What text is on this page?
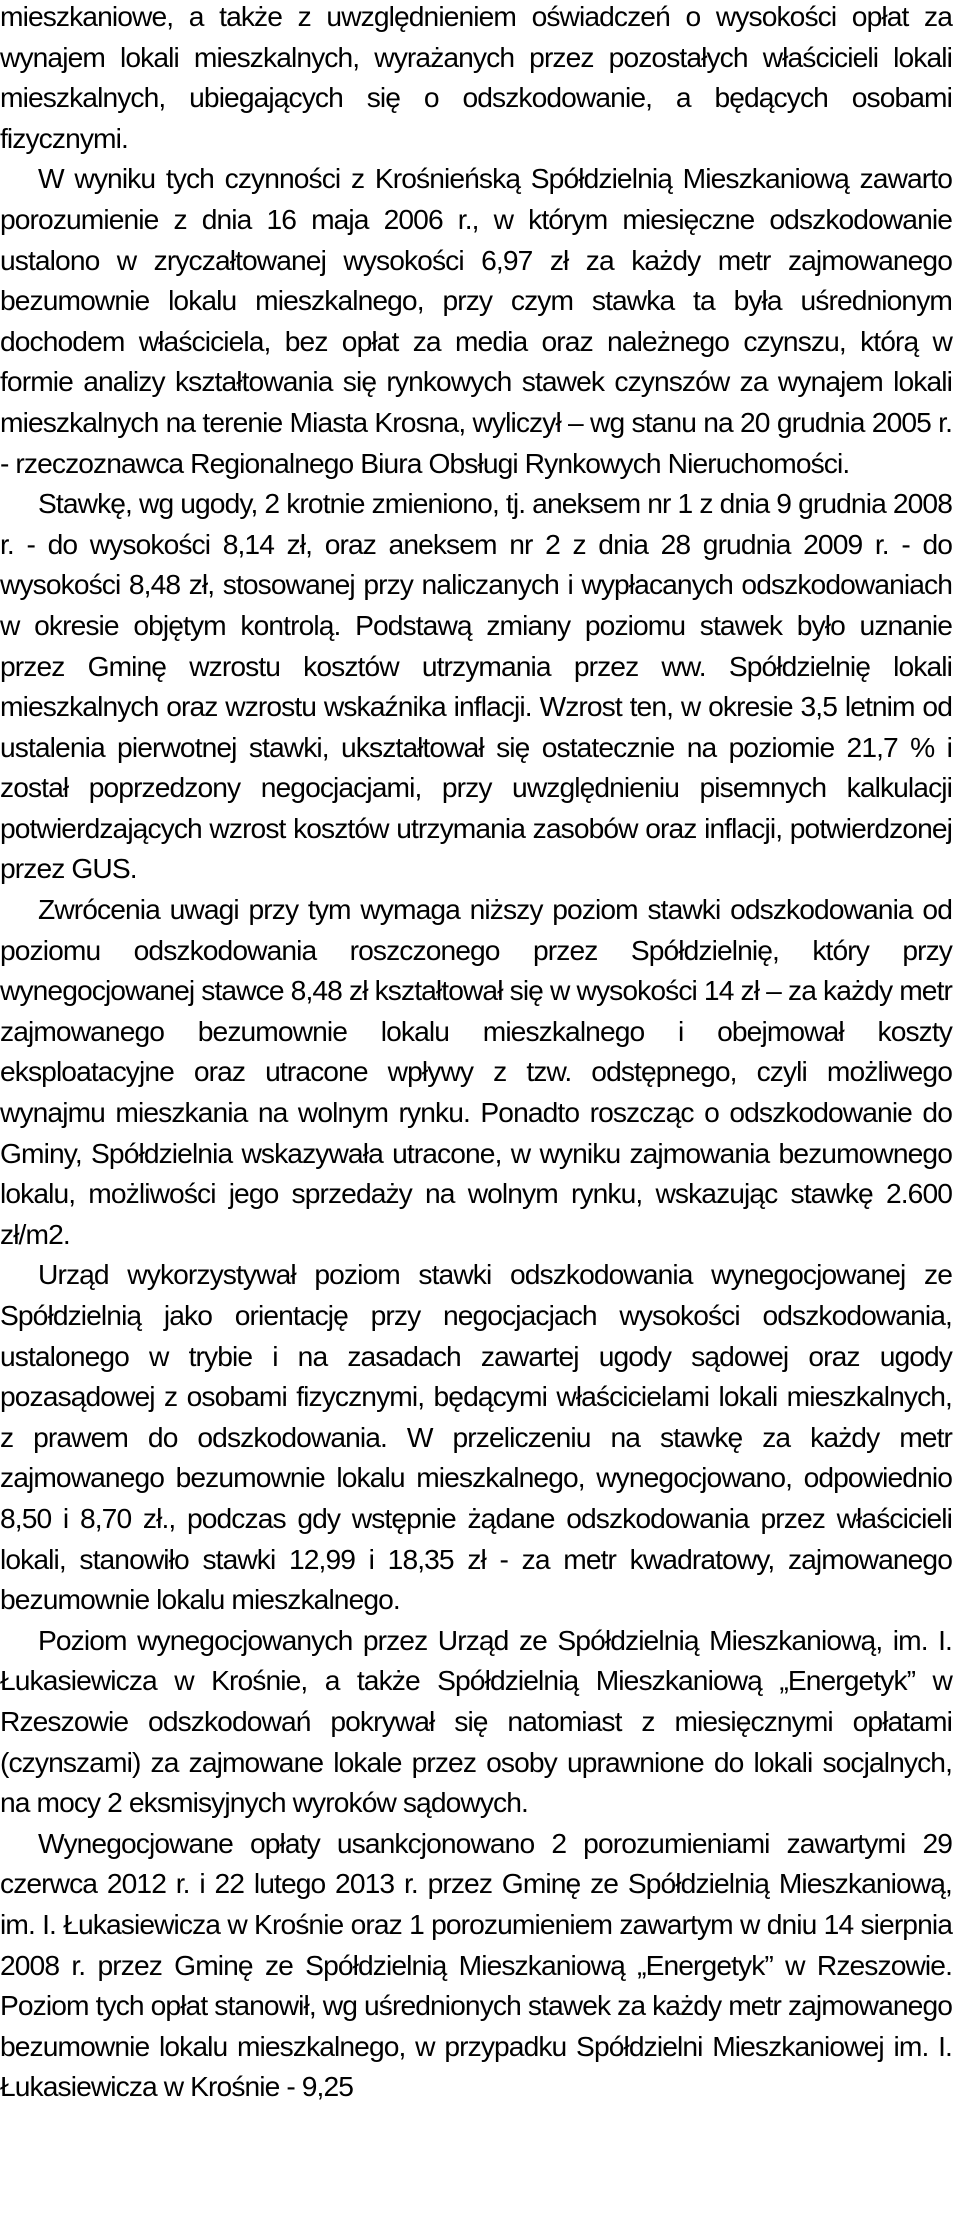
mieszkaniowe, a także z uwzględnieniem oświadczeń o wysokości opłat za wynajem lokali mieszkalnych, wyrażanych przez pozostałych właścicieli lokali mieszkalnych, ubiegających się o odszkodowanie, a będących osobami fizycznymi.

W wyniku tych czynności z Krośnieńską Spółdzielnią Mieszkaniową zawarto porozumienie z dnia 16 maja 2006 r., w którym miesięczne odszkodowanie ustalono w zryczałtowanej wysokości 6,97 zł za każdy metr zajmowanego bezumownie lokalu mieszkalnego, przy czym stawka ta była uśrednionym dochodem właściciela, bez opłat za media oraz należnego czynszu, którą w formie analizy kształtowania się rynkowych stawek czynszów za wynajem lokali mieszkalnych na terenie Miasta Krosna, wyliczył – wg stanu na 20 grudnia 2005 r. - rzeczoznawca Regionalnego Biura Obsługi Rynkowych Nieruchomości.

Stawkę, wg ugody, 2 krotnie zmieniono, tj. aneksem nr 1 z dnia 9 grudnia 2008 r. - do wysokości 8,14 zł, oraz aneksem nr 2 z dnia 28 grudnia 2009 r. - do wysokości 8,48 zł, stosowanej przy naliczanych i wypłacanych odszkodowaniach w okresie objętym kontrolą. Podstawą zmiany poziomu stawek było uznanie przez Gminę wzrostu kosztów utrzymania przez ww. Spółdzielnię lokali mieszkalnych oraz wzrostu wskaźnika inflacji. Wzrost ten, w okresie 3,5 letnim od ustalenia pierwotnej stawki, ukształtował się ostatecznie na poziomie 21,7 % i został poprzedzony negocjacjami, przy uwzględnieniu pisemnych kalkulacji potwierdzających wzrost kosztów utrzymania zasobów oraz inflacji, potwierdzonej przez GUS.

Zwrócenia uwagi przy tym wymaga niższy poziom stawki odszkodowania od poziomu odszkodowania roszczonego przez Spółdzielnię, który przy wynegocjowanej stawce 8,48 zł kształtował się w wysokości 14 zł – za każdy metr zajmowanego bezumownie lokalu mieszkalnego i obejmował koszty eksploatacyjne oraz utracone wpływy z tzw. odstępnego, czyli możliwego wynajmu mieszkania na wolnym rynku. Ponadto roszcząc o odszkodowanie do Gminy, Spółdzielnia wskazywała utracone, w wyniku zajmowania bezumownego lokalu, możliwości jego sprzedaży na wolnym rynku, wskazując stawkę 2.600 zł/m2.

Urząd wykorzystywał poziom stawki odszkodowania wynegocjowanej ze Spółdzielnią jako orientację przy negocjacjach wysokości odszkodowania, ustalonego w trybie i na zasadach zawartej ugody sądowej oraz ugody pozasądowej z osobami fizycznymi, będącymi właścicielami lokali mieszkalnych, z prawem do odszkodowania. W przeliczeniu na stawkę za każdy metr zajmowanego bezumownie lokalu mieszkalnego, wynegocjowano, odpowiednio 8,50 i 8,70 zł., podczas gdy wstępnie żądane odszkodowania przez właścicieli lokali, stanowiło stawki 12,99 i 18,35 zł - za metr kwadratowy, zajmowanego bezumownie lokalu mieszkalnego.

Poziom wynegocjowanych przez Urząd ze Spółdzielnią Mieszkaniową, im. I. Łukasiewicza w Krośnie, a także Spółdzielnią Mieszkaniową „Energetyk” w Rzeszowie odszkodowań pokrywał się natomiast z miesięcznymi opłatami (czynszami) za zajmowane lokale przez osoby uprawnione do lokali socjalnych, na mocy 2 eksmisyjnych wyroków sądowych.

Wynegocjowane opłaty usankcjonowano 2 porozumieniami zawartymi 29 czerwca 2012 r. i 22 lutego 2013 r. przez Gminę ze Spółdzielnią Mieszkaniową, im. I. Łukasiewicza w Krośnie oraz 1 porozumieniem zawartym w dniu 14 sierpnia 2008 r. przez Gminę ze Spółdzielnią Mieszkaniową „Energetyk” w Rzeszowie. Poziom tych opłat stanowił, wg uśrednionych stawek za każdy metr zajmowanego bezumownie lokalu mieszkalnego, w przypadku Spółdzielni Mieszkaniowej im. I. Łukasiewicza w Krośnie - 9,25
